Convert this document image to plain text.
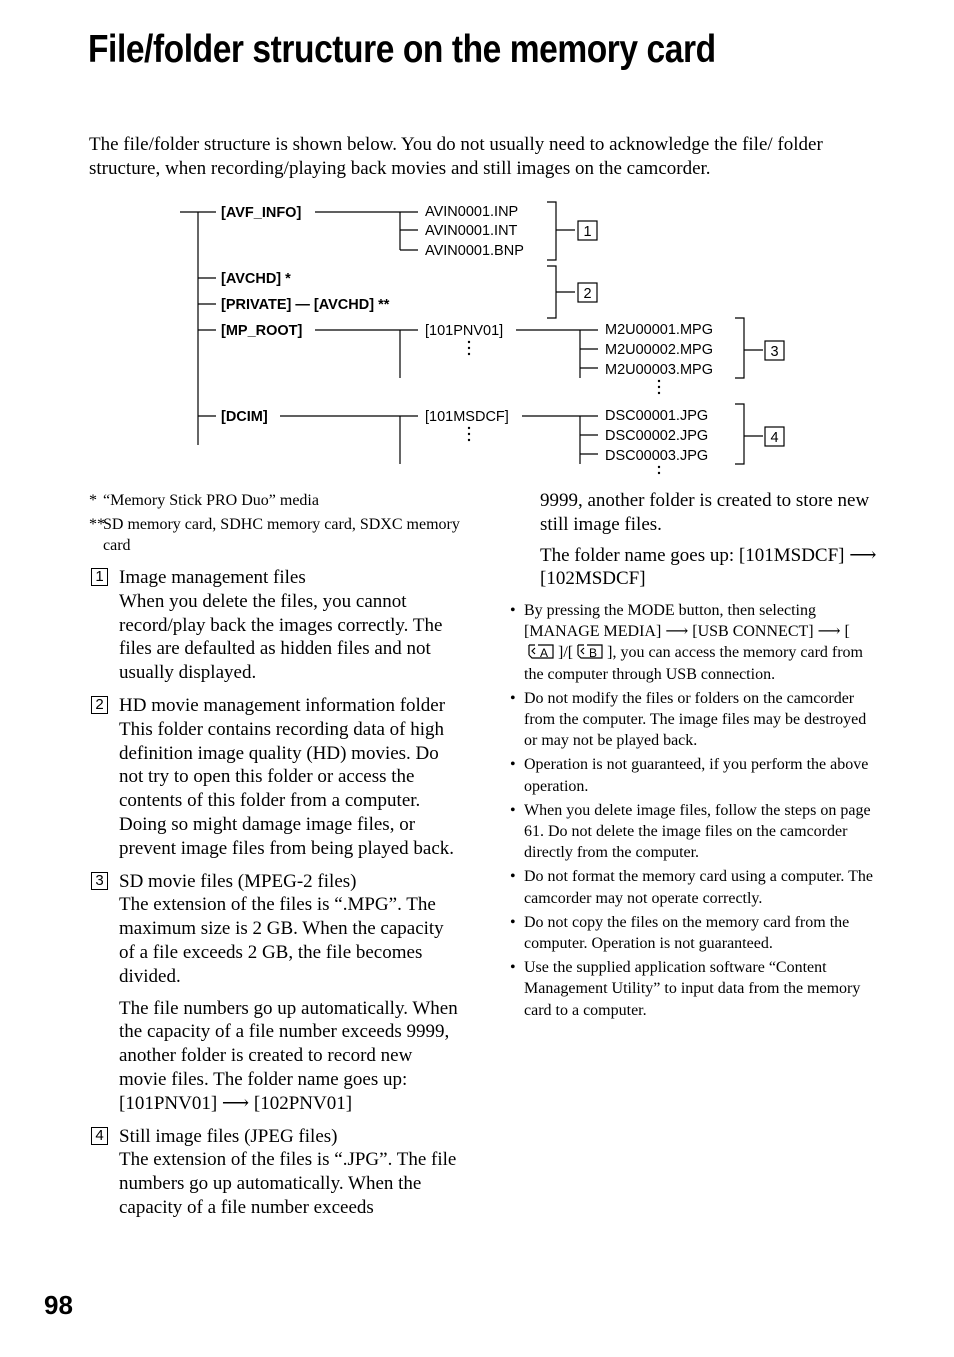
File/folder structure on the memory card

The file/folder structure is shown below. You do not usually need to acknowledge the file/ folder structure, when recording/playing back movies and still images on the camcorder.

[AVF_INFO]
[AVCHD] *
[PRIVATE] — [AVCHD] **
[MP_ROOT]
[DCIM]
AVIN0001.INP
AVIN0001.INT
AVIN0001.BNP
[101PNV01]
[101MSDCF]
M2U00001.MPG
M2U00002.MPG
M2U00003.MPG
DSC00001.JPG
DSC00002.JPG
DSC00003.JPG
1
2
3
4
* “Memory Stick PRO Duo” media
**
SD memory card, SDHC memory card, SDXC memory card
1 Image management files

When you delete the files, you cannot record/play back the images correctly. The files are defaulted as hidden files and not usually displayed.

2 HD movie management information folder

This folder contains recording data of high definition image quality (HD) movies. Do not try to open this folder or access the contents of this folder from a computer. Doing so might damage image files, or prevent image files from being played back.

3 SD movie files (MPEG-2 files)

The extension of the files is “.MPG”. The maximum size is 2 GB. When the capacity of a file exceeds 2 GB, the file becomes divided.

The file numbers go up automatically. When the capacity of a file number exceeds 9999, another folder is created to record new movie files. The folder name goes up: [101PNV01] ⟶ [102PNV01]

4 Still image files (JPEG files)

The extension of the files is “.JPG”. The file numbers go up automatically. When the capacity of a file number exceeds

9999, another folder is created to store new still image files.

The folder name goes up: [101MSDCF] ⟶ [102MSDCF]

• By pressing the MODE button, then selecting [MANAGE MEDIA] ⟶ [USB CONNECT] ⟶ [
A ]/[ B ], you can access the memory card from the computer through USB connection.
• Do not modify the files or folders on the camcorder from the computer. The image files may be destroyed or may not be played back.
• Operation is not guaranteed, if you perform the above operation.
• When you delete image files, follow the steps on page 61. Do not delete the image files on the camcorder directly from the computer.
• Do not format the memory card using a computer. The camcorder may not operate correctly.
• Do not copy the files on the memory card from the computer. Operation is not guaranteed.
• Use the supplied application software “Content Management Utility” to input data from the memory card to a computer.
98
